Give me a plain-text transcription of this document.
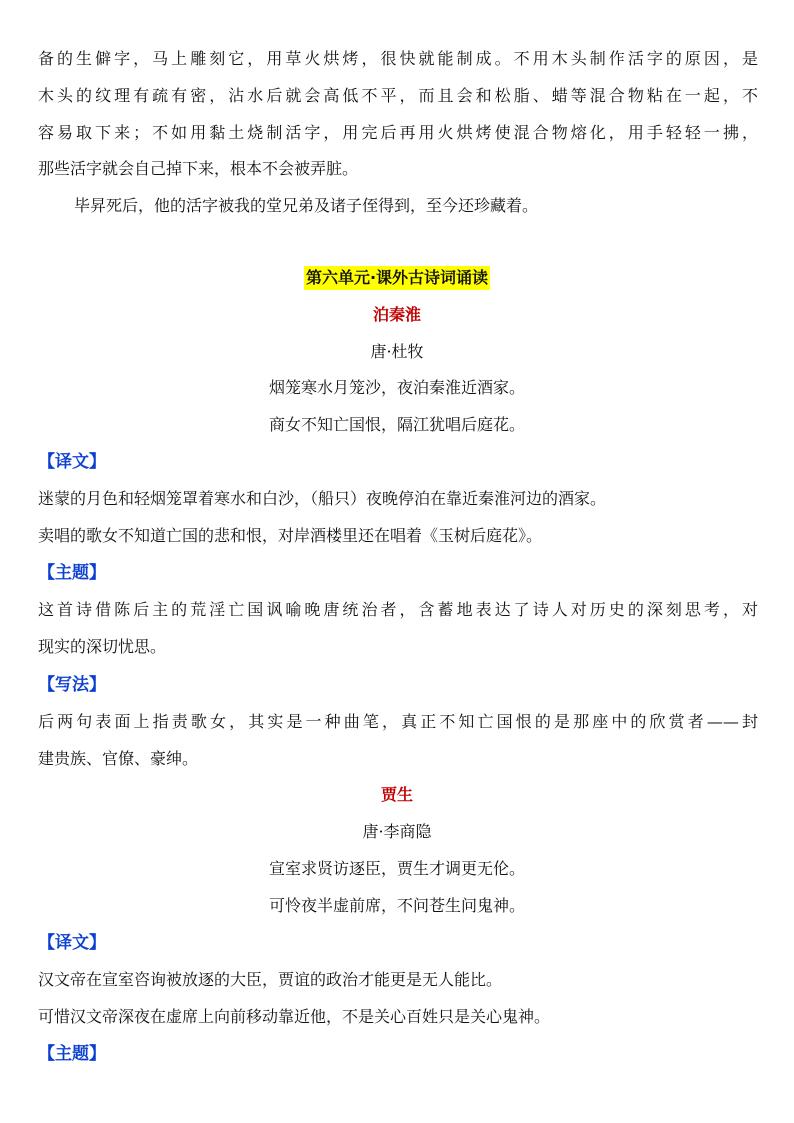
备的生僻字，马上雕刻它，用草火烘烤，很快就能制成。不用木头制作活字的原因，是
木头的纹理有疏有密，沾水后就会高低不平，而且会和松脂、蜡等混合物粘在一起，不
容易取下来；不如用黏土烧制活字，用完后再用火烘烤使混合物熔化，用手轻轻一拂，
那些活字就会自己掉下来，根本不会被弄脏。
毕昇死后，他的活字被我的堂兄弟及诸子侄得到，至今还珍藏着。
第六单元·课外古诗词诵读
泊秦淮
唐·杜牧
烟笼寒水月笼沙，夜泊秦淮近酒家。
商女不知亡国恨，隔江犹唱后庭花。
【译文】
迷蒙的月色和轻烟笼罩着寒水和白沙，（船只）夜晚停泊在靠近秦淮河边的酒家。
卖唱的歌女不知道亡国的悲和恨，对岸酒楼里还在唱着《玉树后庭花》。
【主题】
这首诗借陈后主的荒淫亡国讽喻晚唐统治者，含蓄地表达了诗人对历史的深刻思考，对
现实的深切忧思。
【写法】
后两句表面上指责歌女，其实是一种曲笔，真正不知亡国恨的是那座中的欣赏者——封
建贵族、官僚、豪绅。
贾生
唐·李商隐
宣室求贤访逐臣，贾生才调更无伦。
可怜夜半虚前席，不问苍生问鬼神。
【译文】
汉文帝在宣室咨询被放逐的大臣，贾谊的政治才能更是无人能比。
可惜汉文帝深夜在虚席上向前移动靠近他，不是关心百姓只是关心鬼神。
【主题】
